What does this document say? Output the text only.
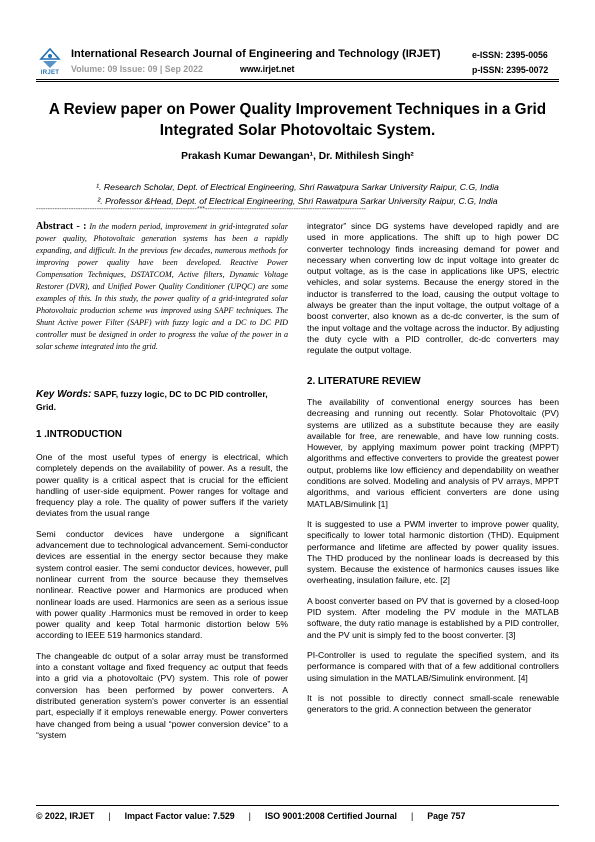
IRJET
International Research Journal of Engineering and Technology (IRJET)
Volume: 09 Issue: 09 | Sep 2022	www.irjet.net
e-ISSN: 2395-0056
p-ISSN: 2395-0072
A Review paper on Power Quality Improvement Techniques in a Grid
Integrated Solar Photovoltaic System.
Prakash Kumar Dewangan¹, Dr. Mithilesh Singh²
¹. Research Scholar, Dept. of Electrical Engineering, Shri Rawatpura Sarkar University Raipur, C.G, India
². Professor &Head, Dept. of Electrical Engineering, Shri Rawatpura Sarkar University Raipur, C.G, India
---------------------------------------------------------------------***---------------------------------------------------------------------
Abstract - : In the modern period, improvement in grid-integrated solar power quality, Photovoltaic generation systems has been a rapidly expanding, and difficult. In the previous few decades, numerous methods for improving power quality have been developed. Reactive Power Compensation Techniques, DSTATCOM, Active filters, Dynamic Voltage Restorer (DVR), and Unified Power Quality Conditioner (UPQC) are some examples of this. In this study, the power quality of a grid-integrated solar Photovoltaic production scheme was improved using SAPF techniques. The Shunt Active power Filter (SAPF) with fuzzy logic and a DC to DC PID controller must be designed in order to progress the value of the power in a solar scheme integrated into the grid.
Key Words: SAPF, fuzzy logic, DC to DC PID controller, Grid.
1 .INTRODUCTION

One of the most useful types of energy is electrical, which completely depends on the availability of power. As a result, the power quality is a critical aspect that is crucial for the efficient handling of user-side equipment. Power ranges for voltage and frequency play a role. The quality of power suffers if the variety deviates from the usual range

Semi conductor devices have undergone a significant advancement due to technological advancement. Semi-conductor devices are essential in the energy sector because they make system control easier. The semi conductor devices, however, pull nonlinear current from the source because they themselves nonlinear. Reactive power and Harmonics are produced when nonlinear loads are used. Harmonics are seen as a serious issue with power quality .Harmonics must be removed in order to keep power quality and keep Total harmonic distortion below 5% according to IEEE 519 harmonics standard.

The changeable dc output of a solar array must be transformed into a constant voltage and fixed frequency ac output that feeds into a grid via a photovoltaic (PV) system. This role of power conversion has been performed by power converters. A distributed generation system's power converter is an essential part, especially if it employs renewable energy. Power converters have changed from being a usual “power conversion device” to a “system

integrator” since DG systems have developed rapidly and are used in more applications. The shift up to high power DC converter technology finds increasing demand for power and necessary when converting low dc input voltage into greater dc output voltage, as is the case in applications like UPS, electric vehicles, and solar systems. Because the energy stored in the inductor is transferred to the load, causing the output voltage to always be greater than the input voltage, the output voltage of a boost converter, also known as a dc-dc converter, is the sum of the input voltage and the voltage across the inductor. By adjusting the duty cycle with a PID controller, dc-dc converters may regulate the output voltage.

2. LITERATURE REVIEW

The availability of conventional energy sources has been decreasing and running out recently. Solar Photovoltaic (PV) systems are utilized as a substitute because they are easily available for free, are renewable, and have low running costs. However, by applying maximum power point tracking (MPPT) algorithms and effective converters to provide the greatest power output, problems like low efficiency and dependability on weather conditions are solved. Modeling and analysis of PV arrays, MPPT algorithms, and various efficient converters are done using MATLAB/Simulink [1]

It is suggested to use a PWM inverter to improve power quality, specifically to lower total harmonic distortion (THD). Equipment performance and lifetime are affected by power quality issues. The THD produced by the nonlinear loads is decreased by this system. Because the existence of harmonics causes issues like overheating, insulation failure, etc. [2]

A boost converter based on PV that is governed by a closed-loop PID system. After modeling the PV module in the MATLAB software, the duty ratio manage is established by a PID controller, and the PV unit is simply fed to the boost converter. [3]

PI-Controller is used to regulate the specified system, and its performance is compared with that of a few additional controllers using simulation in the MATLAB/Simulink environment. [4]

It is not possible to directly connect small-scale renewable generators to the grid. A connection between the generator

© 2022, IRJET | Impact Factor value: 7.529 | ISO 9001:2008 Certified Journal | Page 757
